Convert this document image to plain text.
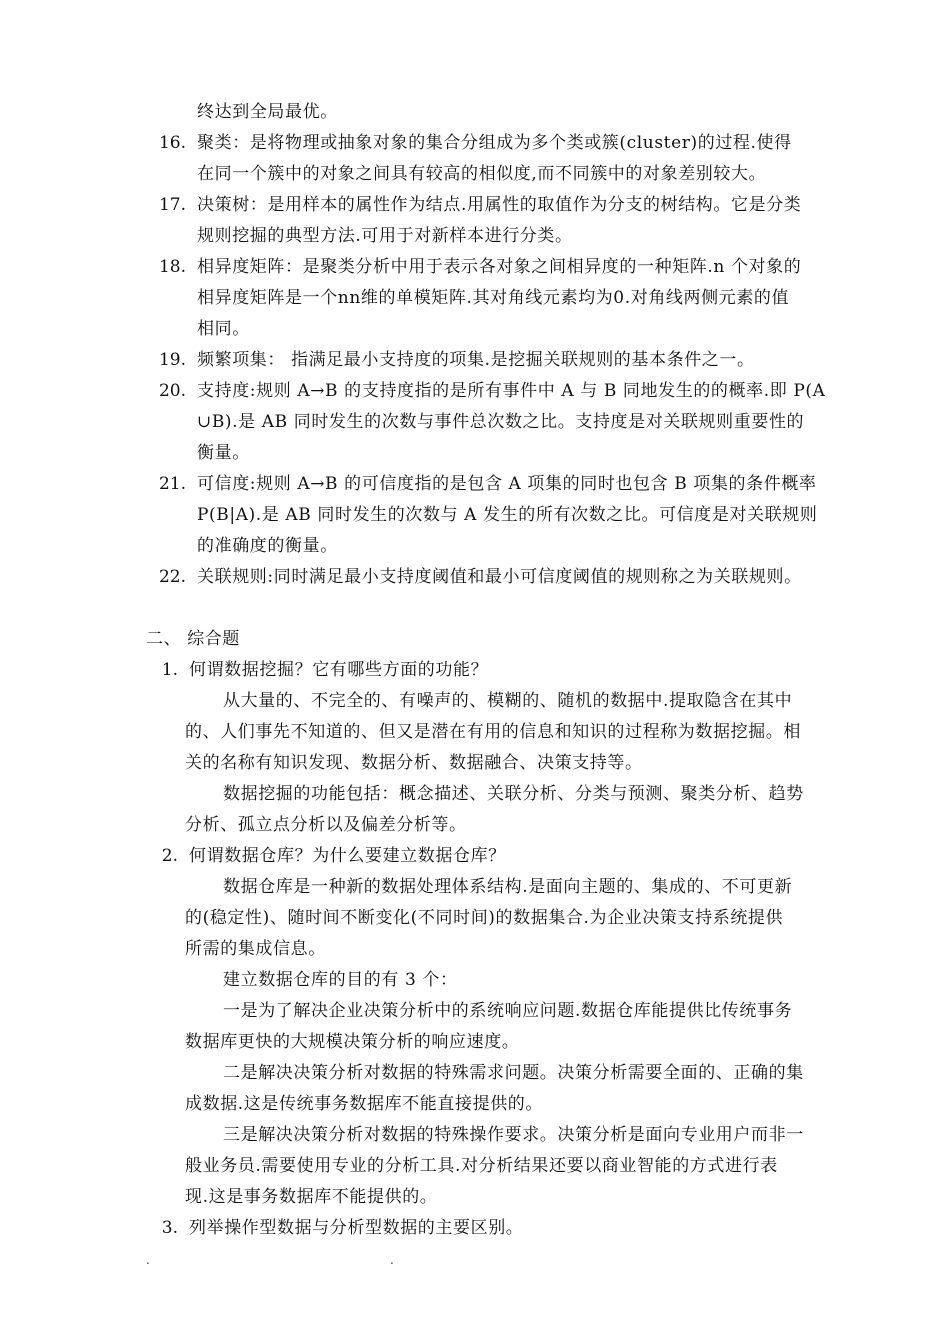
终达到全局最优。
16. 聚类：是将物理或抽象对象的集合分组成为多个类或簇(cluster)的过程.使得
在同一个簇中的对象之间具有较高的相似度,而不同簇中的对象差别较大。
17. 决策树：是用样本的属性作为结点.用属性的取值作为分支的树结构。它是分类
规则挖掘的典型方法.可用于对新样本进行分类。
18. 相异度矩阵：是聚类分析中用于表示各对象之间相异度的一种矩阵.n 个对象的
相异度矩阵是一个nn维的单模矩阵.其对角线元素均为0.对角线两侧元素的值
相同。
19. 频繁项集： 指满足最小支持度的项集.是挖掘关联规则的基本条件之一。
20. 支持度:规则 A→B 的支持度指的是所有事件中 A 与 B 同地发生的的概率.即 P(A
∪B).是 AB 同时发生的次数与事件总次数之比。支持度是对关联规则重要性的
衡量。
21. 可信度:规则 A→B 的可信度指的是包含 A 项集的同时也包含 B 项集的条件概率
P(B|A).是 AB 同时发生的次数与 A 发生的所有次数之比。可信度是对关联规则
的准确度的衡量。
22. 关联规则:同时满足最小支持度阈值和最小可信度阈值的规则称之为关联规则。
二、 综合题
1. 何谓数据挖掘？它有哪些方面的功能？
从大量的、不完全的、有噪声的、模糊的、随机的数据中.提取隐含在其中
的、人们事先不知道的、但又是潜在有用的信息和知识的过程称为数据挖掘。相
关的名称有知识发现、数据分析、数据融合、决策支持等。
数据挖掘的功能包括：概念描述、关联分析、分类与预测、聚类分析、趋势
分析、孤立点分析以及偏差分析等。
2. 何谓数据仓库？为什么要建立数据仓库？
数据仓库是一种新的数据处理体系结构.是面向主题的、集成的、不可更新
的(稳定性)、随时间不断变化(不同时间)的数据集合.为企业决策支持系统提供
所需的集成信息。
建立数据仓库的目的有 3 个：
一是为了解决企业决策分析中的系统响应问题.数据仓库能提供比传统事务
数据库更快的大规模决策分析的响应速度。
二是解决决策分析对数据的特殊需求问题。决策分析需要全面的、正确的集
成数据.这是传统事务数据库不能直接提供的。
三是解决决策分析对数据的特殊操作要求。决策分析是面向专业用户而非一
般业务员.需要使用专业的分析工具.对分析结果还要以商业智能的方式进行表
现.这是事务数据库不能提供的。
3. 列举操作型数据与分析型数据的主要区别。
.	.
